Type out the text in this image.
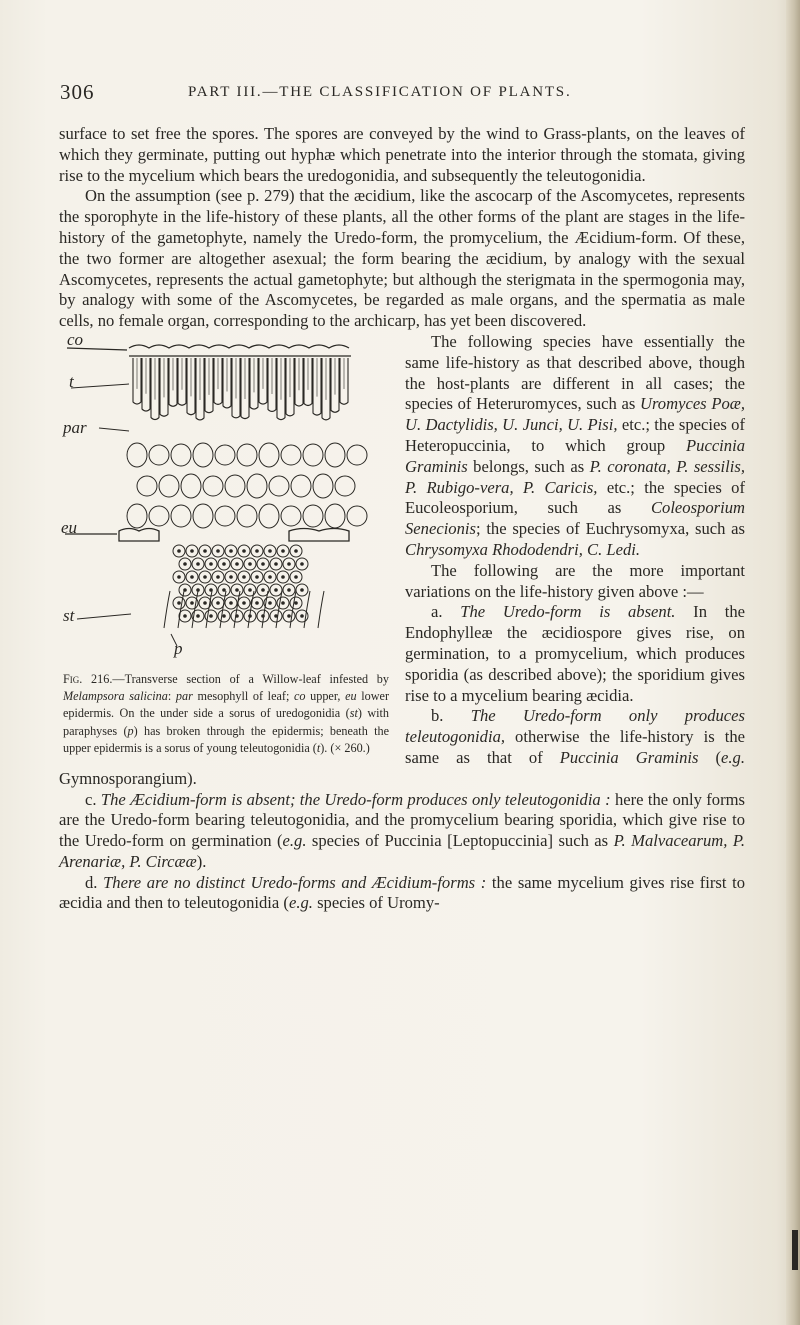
306	PART III.—THE CLASSIFICATION OF PLANTS.

surface to set free the spores. The spores are conveyed by the wind to Grass-plants, on the leaves of which they germinate, putting out hyphæ which penetrate into the interior through the stomata, giving rise to the mycelium which bears the uredogonidia, and subsequently the teleutogonidia.

On the assumption (see p. 279) that the æcidium, like the ascocarp of the Ascomycetes, represents the sporophyte in the life-history of these plants, all the other forms of the plant are stages in the life-history of the gametophyte, namely the Uredo-form, the promycelium, the Æcidium-form. Of these, the two former are altogether asexual; the form bearing the æcidium, by analogy with the sexual Ascomycetes, represents the actual gametophyte; but although the sterigmata in the spermogonia may, by analogy with some of the Ascomycetes, be regarded as male organs, and the spermatia as male cells, no female organ, corresponding to the archicarp, has yet been discovered.

co
t
par
eu
st
p
Fig. 216.—Transverse section of a Willow-leaf infested by Melampsora salicina: par mesophyll of leaf; co upper, eu lower epidermis. On the under side a sorus of uredogonidia (st) with paraphyses (p) has broken through the epidermis; beneath the upper epidermis is a sorus of young teleutogonidia (t). (× 260.)

The following species have essentially the same life-history as that described above, though the host-plants are different in all cases; the species of Heteruromyces, such as Uromyces Poæ, U. Dactylidis, U. Junci, U. Pisi, etc.; the species of Heteropuccinia, to which group Puccinia Graminis belongs, such as P. coronata, P. sessilis, P. Rubigo-vera, P. Caricis, etc.; the species of Eucoleosporium, such as Coleosporium Senecionis; the species of Euchrysomyxa, such as Chrysomyxa Rhododendri, C. Ledi.

The following are the more important variations on the life-history given above :—

a. The Uredo-form is absent. In the Endophylleæ the æcidiospore gives rise, on germination, to a promycelium, which produces sporidia (as described above); the sporidium gives rise to a mycelium bearing æcidia.

b. The Uredo-form only produces teleutogonidia, otherwise the life-history is the same as that of Puccinia Graminis (e.g. Gymnosporangium).

c. The Æcidium-form is absent; the Uredo-form produces only teleutogonidia : here the only forms are the Uredo-form bearing teleutogonidia, and the promycelium bearing sporidia, which give rise to the Uredo-form on germination (e.g. species of Puccinia [Leptopuccinia] such as P. Malvacearum, P. Arenariæ, P. Circææ).

d. There are no distinct Uredo-forms and Æcidium-forms : the same mycelium gives rise first to æcidia and then to teleutogonidia (e.g. species of Uromy-
